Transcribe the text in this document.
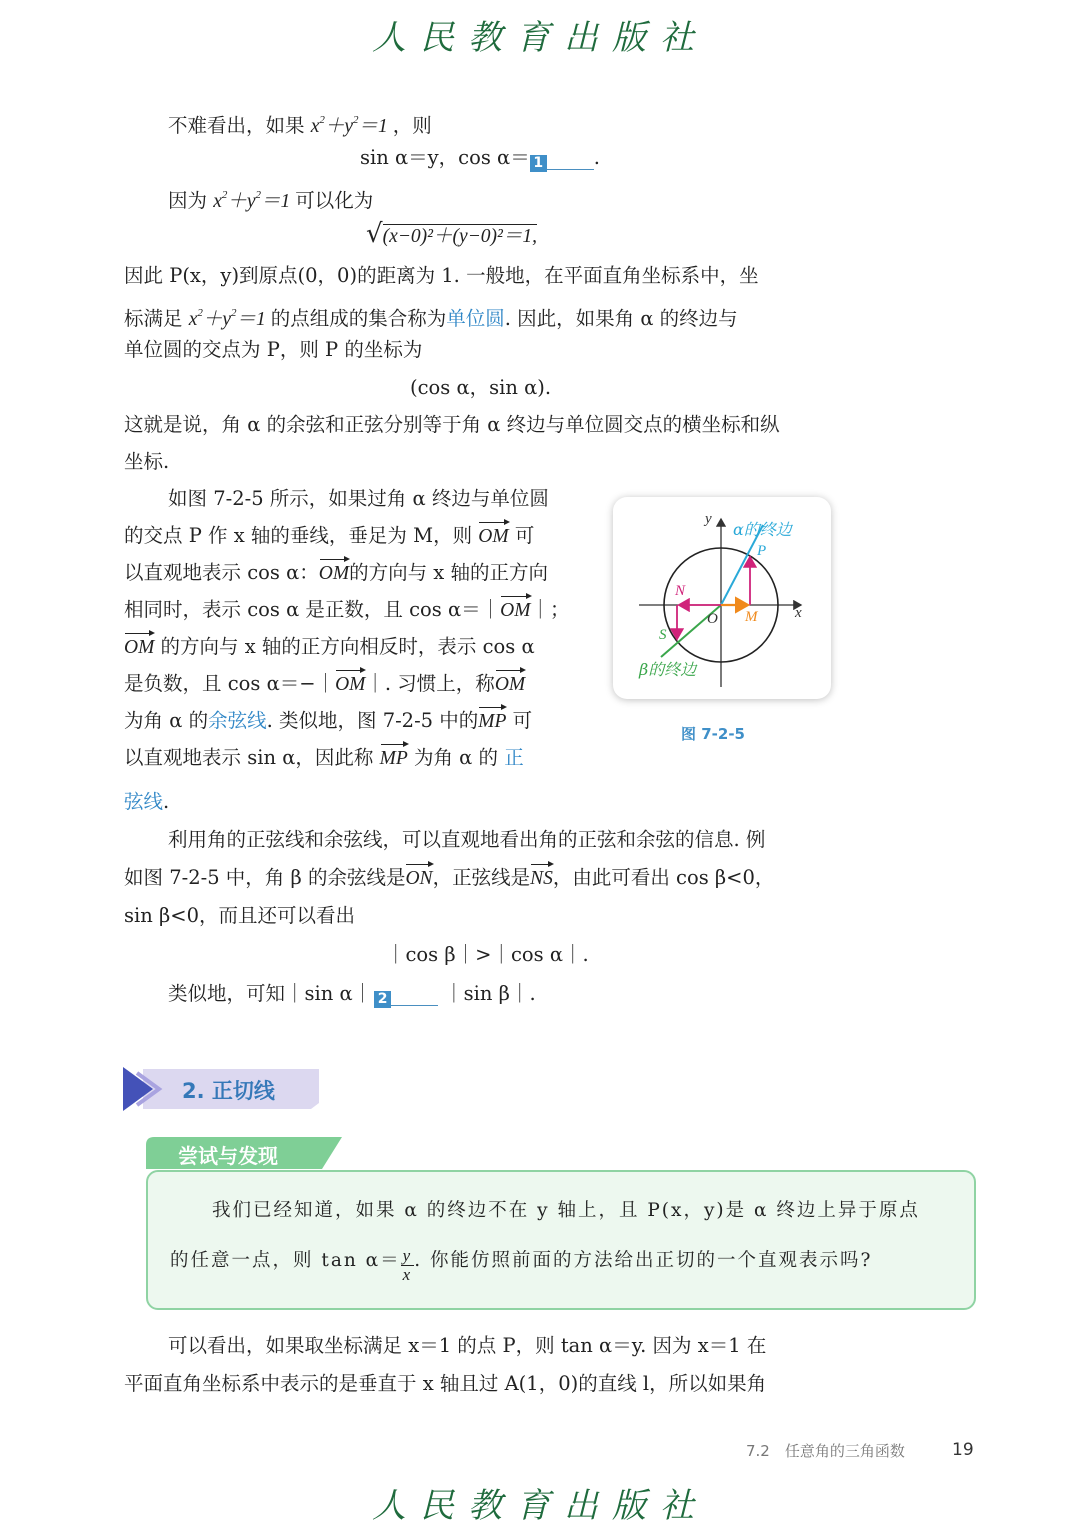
人民教育出版社
不难看出，如果 $x^2+y^2=1$ ，则
sin α＝y，cos α＝ 1	.
因为 $x^2+y^2=1$ 可以化为
√(x−0)²＋(y−0)²＝1,
因此 P(x，y)到原点(0，0)的距离为 1. 一般地，在平面直角坐标系中，坐
标满足 $x^2+y^2=1$ 的点组成的集合称为单位圆. 因此，如果角 α 的终边与
单位圆的交点为 P，则 P 的坐标为
(cos α，sin α).
这就是说，角 α 的余弦和正弦分别等于角 α 终边与单位圆交点的横坐标和纵
坐标.
如图 7-2-5 所示，如果过角 α 终边与单位圆
的交点 P 作 x 轴的垂线，垂足为 M，则 OM 可
以直观地表示 cos α：OM的方向与 x 轴的正方向
相同时，表示 cos α 是正数，且 cos α＝｜OM｜；
OM 的方向与 x 轴的正方向相反时，表示 cos α
是负数，且 cos α＝−｜OM｜. 习惯上，称OM
为角 α 的余弦线. 类似地，图 7-2-5 中的MP 可
以直观地表示 sin α，因此称 MP 为角 α 的 正
弦线.
y
x
O
P
M
N
S
α的终边
β的终边
图 7-2-5
利用角的正弦线和余弦线，可以直观地看出角的正弦和余弦的信息. 例
如图 7-2-5 中，角 β 的余弦线是ON，正弦线是NS，由此可看出 cos β<0，
sin β<0，而且还可以看出
｜cos β｜>｜cos α｜.
类似地，可知｜sin α｜ 2	｜sin β｜.
2. 正切线
尝试与发现
我们已经知道，如果 α 的终边不在 y 轴上，且 P(x，y)是 α 终边上异于原点
的任意一点，则 $\tan \alpha= \frac{y}{x}$ . 你能仿照前面的方法给出正切的一个直观表示吗?
可以看出，如果取坐标满足 x＝1 的点 P，则 tan α＝y. 因为 x＝1 在
平面直角坐标系中表示的是垂直于 x 轴且过 A(1，0)的直线 l，所以如果角
7.2　任意角的三角函数	19
人民教育出版社
